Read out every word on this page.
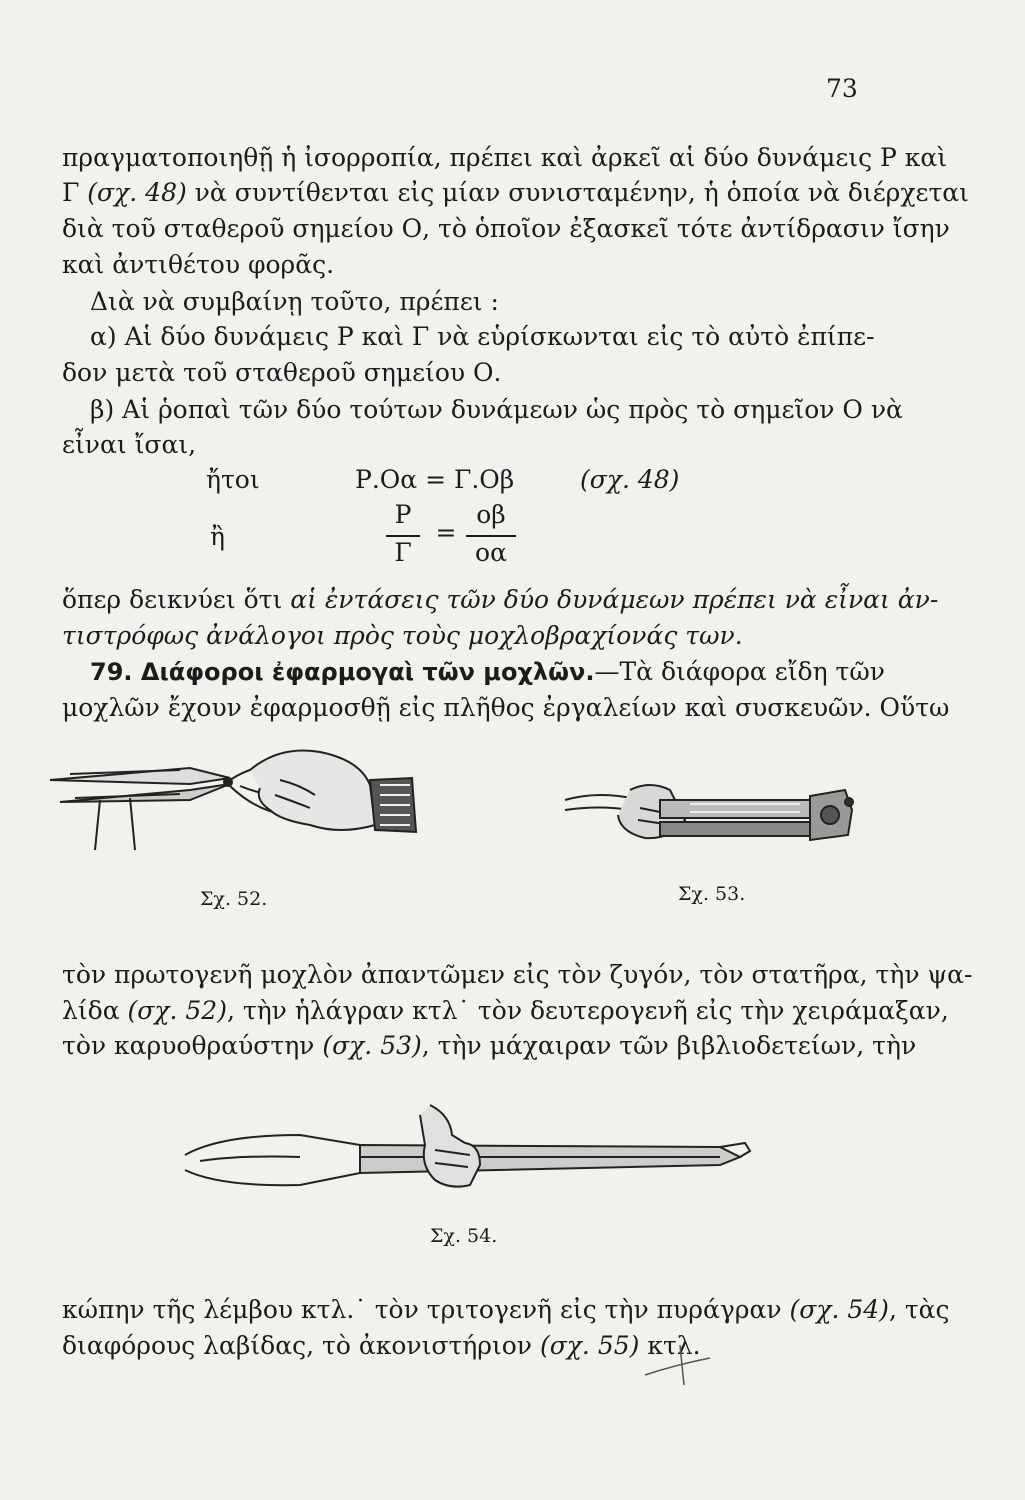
73
πραγματοποιηθῇ ἡ ἰσορροπία, πρέπει καὶ ἀρκεῖ αἱ δύο δυνάμεις Ρ καὶ
Γ (σχ. 48) νὰ συντίθενται εἰς μίαν συνισταμένην, ἡ ὁποία νὰ διέρχεται
διὰ τοῦ σταθεροῦ σημείου Ο, τὸ ὁποῖον ἐξασκεῖ τότε ἀντίδρασιν ἴσην
καὶ ἀντιθέτου φορᾶς.
Διὰ νὰ συμβαίνῃ τοῦτο, πρέπει :
α) Αἱ δύο δυνάμεις Ρ καὶ Γ νὰ εὑρίσκωνται εἰς τὸ αὐτὸ ἐπίπε-
δον μετὰ τοῦ σταθεροῦ σημείου Ο.
β) Αἱ ῥοπαὶ τῶν δύο τούτων δυνάμεων ὡς πρὸς τὸ σημεῖον Ο νὰ
εἶναι ἴσαι,
ἤτοι	Ρ.Οα = Γ.Οβ	(σχ. 48)
ἢ
Ρ
Γ
=
οβ
οα
ὅπερ δεικνύει ὅτι αἱ ἐντάσεις τῶν δύο δυνάμεων πρέπει νὰ εἶναι ἀν-
τιστρόφως ἀνάλογοι πρὸς τοὺς μοχλοβραχίονάς των.
79. Διάφοροι ἐφαρμογαὶ τῶν μοχλῶν.—Τὰ διάφορα εἴδη τῶν
μοχλῶν ἔχουν ἐφαρμοσθῇ εἰς πλῆθος ἐργαλείων καὶ συσκευῶν. Οὕτω
Σχ. 52.	Σχ. 53.
τὸν πρωτογενῆ μοχλὸν ἀπαντῶμεν εἰς τὸν ζυγόν, τὸν στατῆρα, τὴν ψα-
λίδα (σχ. 52), τὴν ἡλάγραν κτλ˙ τὸν δευτερογενῆ εἰς τὴν χειράμαξαν,
τὸν καρυοθραύστην (σχ. 53), τὴν μάχαιραν τῶν βιβλιοδετείων, τὴν
Σχ. 54.
κώπην τῆς λέμβου κτλ.˙ τὸν τριτογενῆ εἰς τὴν πυράγραν (σχ. 54), τὰς
διαφόρους λαβίδας, τὸ ἀκονιστήριον (σχ. 55) κτλ.
